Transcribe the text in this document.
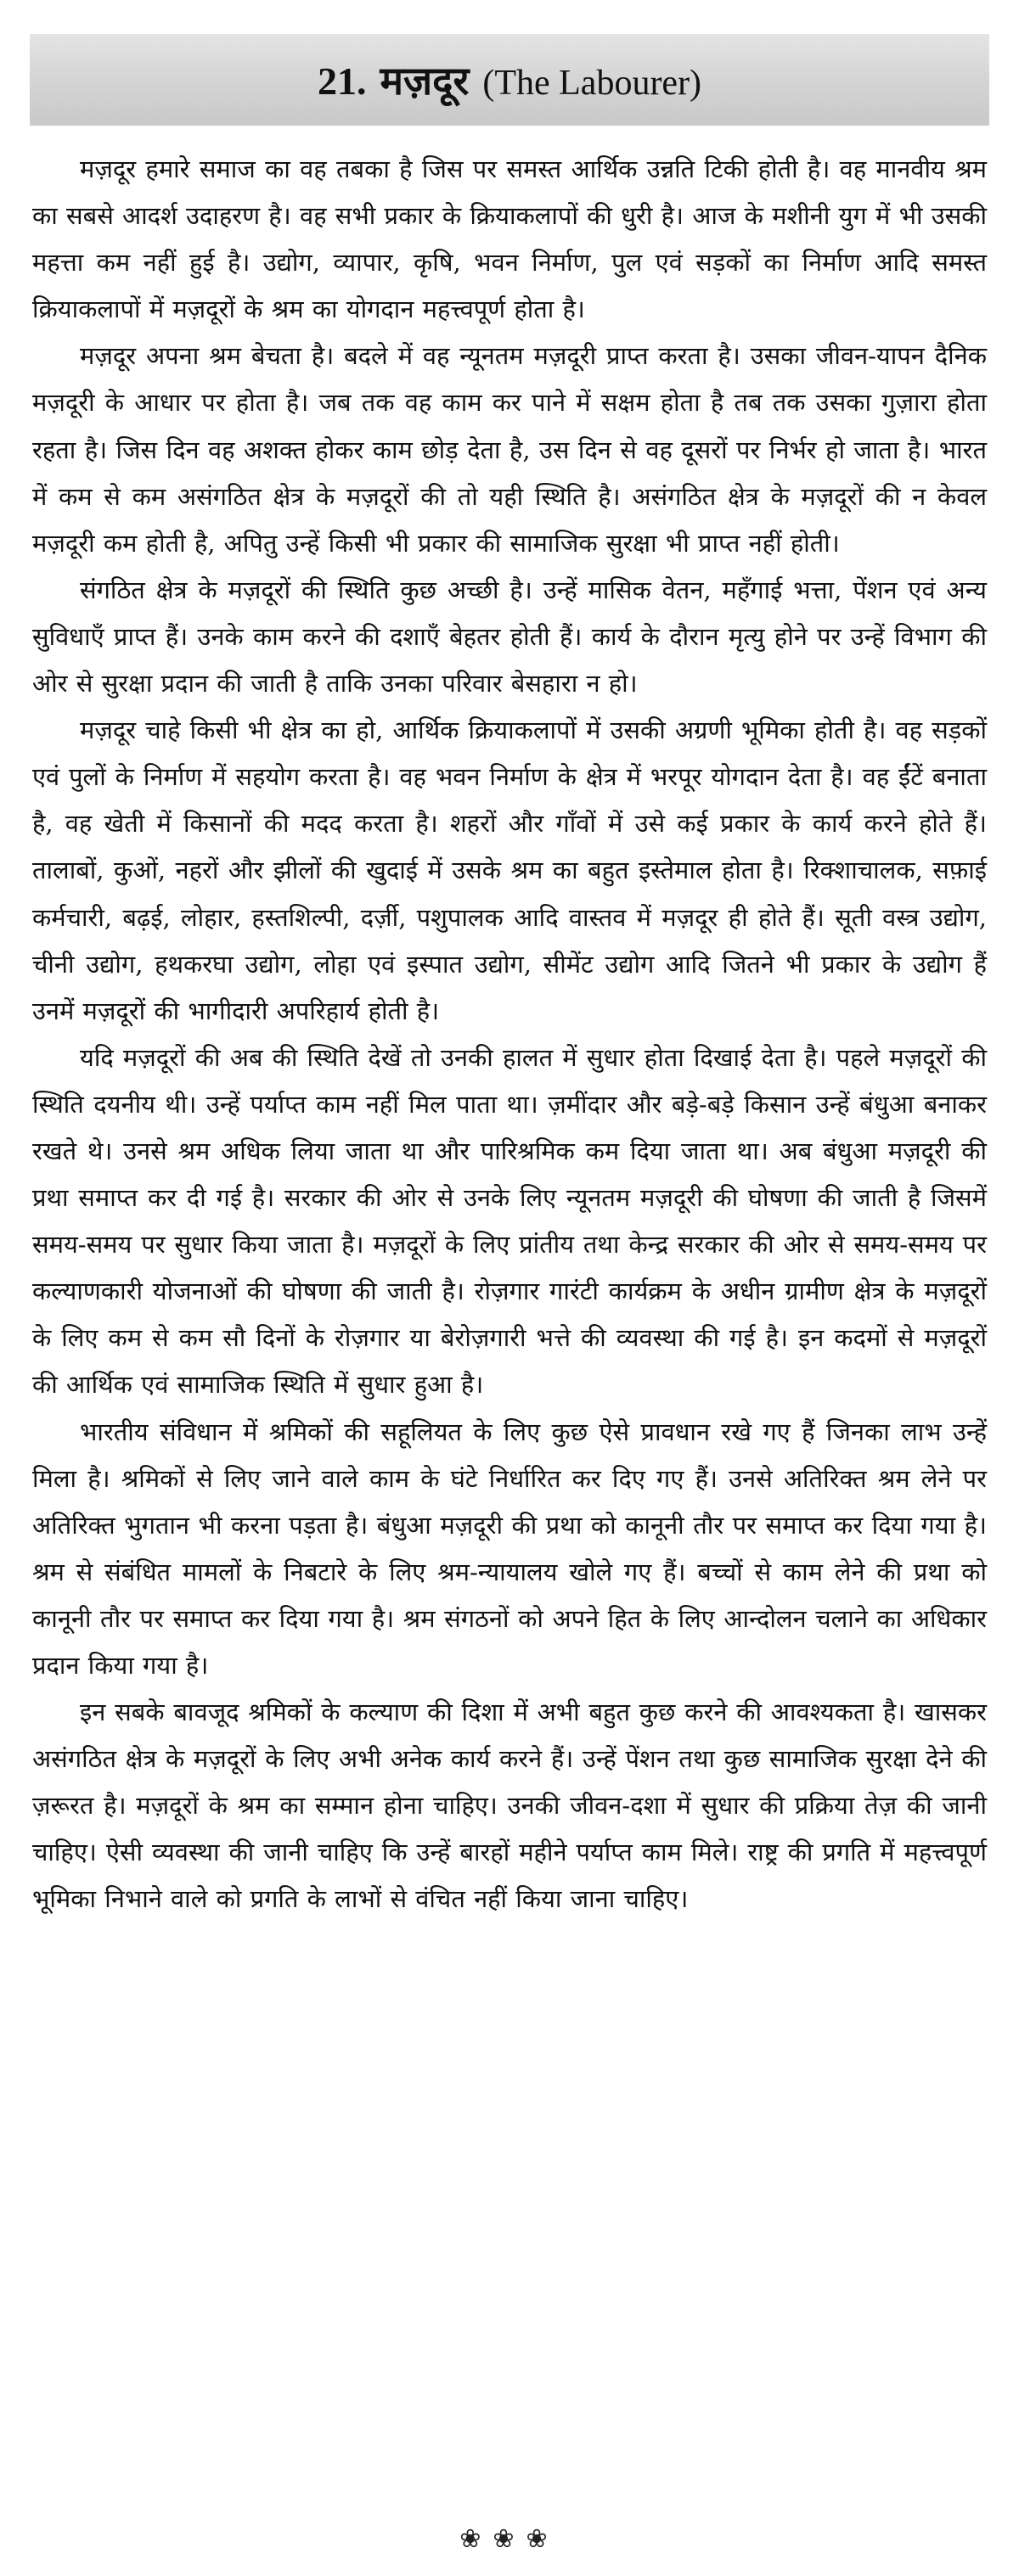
21. मज़दूर (The Labourer)

मज़दूर हमारे समाज का वह तबका है जिस पर समस्त आर्थिक उन्नति टिकी होती है। वह मानवीय श्रम का सबसे आदर्श उदाहरण है। वह सभी प्रकार के क्रियाकलापों की धुरी है। आज के मशीनी युग में भी उसकी महत्ता कम नहीं हुई है। उद्योग, व्यापार, कृषि, भवन निर्माण, पुल एवं सड़कों का निर्माण आदि समस्त क्रियाकलापों में मज़दूरों के श्रम का योगदान महत्त्वपूर्ण होता है।

मज़दूर अपना श्रम बेचता है। बदले में वह न्यूनतम मज़दूरी प्राप्त करता है। उसका जीवन-यापन दैनिक मज़दूरी के आधार पर होता है। जब तक वह काम कर पाने में सक्षम होता है तब तक उसका गुज़ारा होता रहता है। जिस दिन वह अशक्त होकर काम छोड़ देता है, उस दिन से वह दूसरों पर निर्भर हो जाता है। भारत में कम से कम असंगठित क्षेत्र के मज़दूरों की तो यही स्थिति है। असंगठित क्षेत्र के मज़दूरों की न केवल मज़दूरी कम होती है, अपितु उन्हें किसी भी प्रकार की सामाजिक सुरक्षा भी प्राप्त नहीं होती।

संगठित क्षेत्र के मज़दूरों की स्थिति कुछ अच्छी है। उन्हें मासिक वेतन, महँगाई भत्ता, पेंशन एवं अन्य सुविधाएँ प्राप्त हैं। उनके काम करने की दशाएँ बेहतर होती हैं। कार्य के दौरान मृत्यु होने पर उन्हें विभाग की ओर से सुरक्षा प्रदान की जाती है ताकि उनका परिवार बेसहारा न हो।

मज़दूर चाहे किसी भी क्षेत्र का हो, आर्थिक क्रियाकलापों में उसकी अग्रणी भूमिका होती है। वह सड़कों एवं पुलों के निर्माण में सहयोग करता है। वह भवन निर्माण के क्षेत्र में भरपूर योगदान देता है। वह ईंटें बनाता है, वह खेती में किसानों की मदद करता है। शहरों और गाँवों में उसे कई प्रकार के कार्य करने होते हैं। तालाबों, कुओं, नहरों और झीलों की खुदाई में उसके श्रम का बहुत इस्तेमाल होता है। रिक्शाचालक, सफ़ाई कर्मचारी, बढ़ई, लोहार, हस्तशिल्पी, दर्ज़ी, पशुपालक आदि वास्तव में मज़दूर ही होते हैं। सूती वस्त्र उद्योग, चीनी उद्योग, हथकरघा उद्योग, लोहा एवं इस्पात उद्योग, सीमेंट उद्योग आदि जितने भी प्रकार के उद्योग हैं उनमें मज़दूरों की भागीदारी अपरिहार्य होती है।

यदि मज़दूरों की अब की स्थिति देखें तो उनकी हालत में सुधार होता दिखाई देता है। पहले मज़दूरों की स्थिति दयनीय थी। उन्हें पर्याप्त काम नहीं मिल पाता था। ज़मींदार और बड़े-बड़े किसान उन्हें बंधुआ बनाकर रखते थे। उनसे श्रम अधिक लिया जाता था और पारिश्रमिक कम दिया जाता था। अब बंधुआ मज़दूरी की प्रथा समाप्त कर दी गई है। सरकार की ओर से उनके लिए न्यूनतम मज़दूरी की घोषणा की जाती है जिसमें समय-समय पर सुधार किया जाता है। मज़दूरों के लिए प्रांतीय तथा केन्द्र सरकार की ओर से समय-समय पर कल्याणकारी योजनाओं की घोषणा की जाती है। रोज़गार गारंटी कार्यक्रम के अधीन ग्रामीण क्षेत्र के मज़दूरों के लिए कम से कम सौ दिनों के रोज़गार या बेरोज़गारी भत्ते की व्यवस्था की गई है। इन कदमों से मज़दूरों की आर्थिक एवं सामाजिक स्थिति में सुधार हुआ है।

भारतीय संविधान में श्रमिकों की सहूलियत के लिए कुछ ऐसे प्रावधान रखे गए हैं जिनका लाभ उन्हें मिला है। श्रमिकों से लिए जाने वाले काम के घंटे निर्धारित कर दिए गए हैं। उनसे अतिरिक्त श्रम लेने पर अतिरिक्त भुगतान भी करना पड़ता है। बंधुआ मज़दूरी की प्रथा को कानूनी तौर पर समाप्त कर दिया गया है। श्रम से संबंधित मामलों के निबटारे के लिए श्रम-न्यायालय खोले गए हैं। बच्चों से काम लेने की प्रथा को कानूनी तौर पर समाप्त कर दिया गया है। श्रम संगठनों को अपने हित के लिए आन्दोलन चलाने का अधिकार प्रदान किया गया है।

इन सबके बावजूद श्रमिकों के कल्याण की दिशा में अभी बहुत कुछ करने की आवश्यकता है। खासकर असंगठित क्षेत्र के मज़दूरों के लिए अभी अनेक कार्य करने हैं। उन्हें पेंशन तथा कुछ सामाजिक सुरक्षा देने की ज़रूरत है। मज़दूरों के श्रम का सम्मान होना चाहिए। उनकी जीवन-दशा में सुधार की प्रक्रिया तेज़ की जानी चाहिए। ऐसी व्यवस्था की जानी चाहिए कि उन्हें बारहों महीने पर्याप्त काम मिले। राष्ट्र की प्रगति में महत्त्वपूर्ण भूमिका निभाने वाले को प्रगति के लाभों से वंचित नहीं किया जाना चाहिए।

❀❀❀
